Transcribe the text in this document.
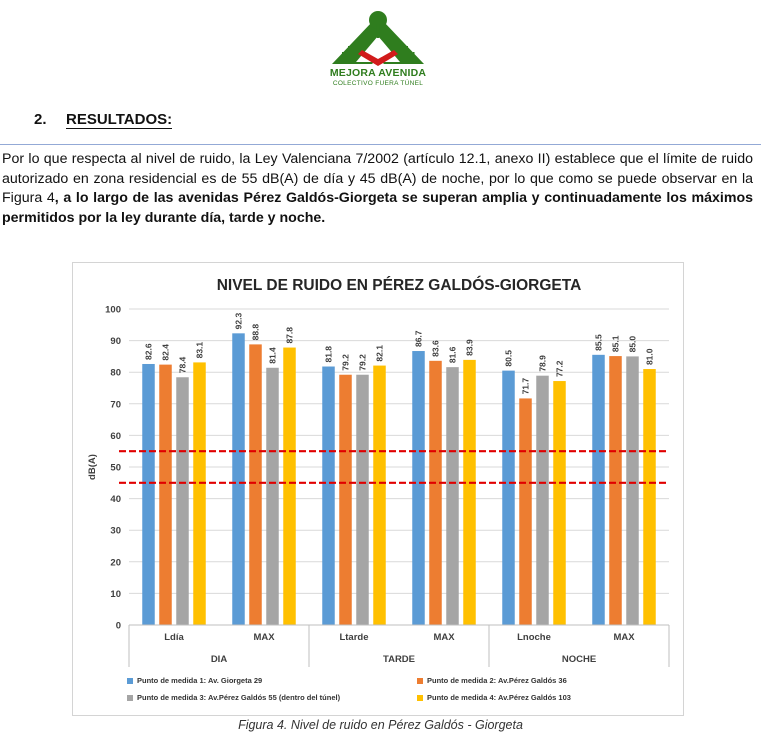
MEJORA AVENIDA
COLECTIVO FUERA TÚNEL
2. RESULTADOS:
Por lo que respecta al nivel de ruido, la Ley Valenciana 7/2002 (artículo 12.1, anexo II) establece que el límite de ruido autorizado en zona residencial es de 55 dB(A) de día y 45 dB(A) de noche, por lo que como se puede observar en la Figura 4, a lo largo de las avenidas Pérez Galdós-Giorgeta se superan amplia y continuadamente los máximos permitidos por la ley durante día, tarde y noche.
NIVEL DE RUIDO EN PÉREZ GALDÓS-GIORGETA
0
10
20
30
40
50
60
70
80
90
100
dB(A)
82.6 82.4
78.4
83.1
Ldía
92.3
88.8
81.4
87.8
MAX
81.8 79.2 79.2
82.1
Ltarde
86.7
83.6 81.6 83.9
MAX
80.5
71.7
78.9 77.2
Lnoche
85.5 85.1 85.0
81.0
MAX
DIA	TARDE	NOCHE
Punto de medida 1: Av. Giorgeta 29	Punto de medida 2: Av.Pérez Galdós 36
Punto de medida 3: Av.Pérez Galdós 55 (dentro del túnel)	Punto de medida 4: Av.Pérez Galdós 103
Figura 4. Nivel de ruido en Pérez Galdós - Giorgeta
